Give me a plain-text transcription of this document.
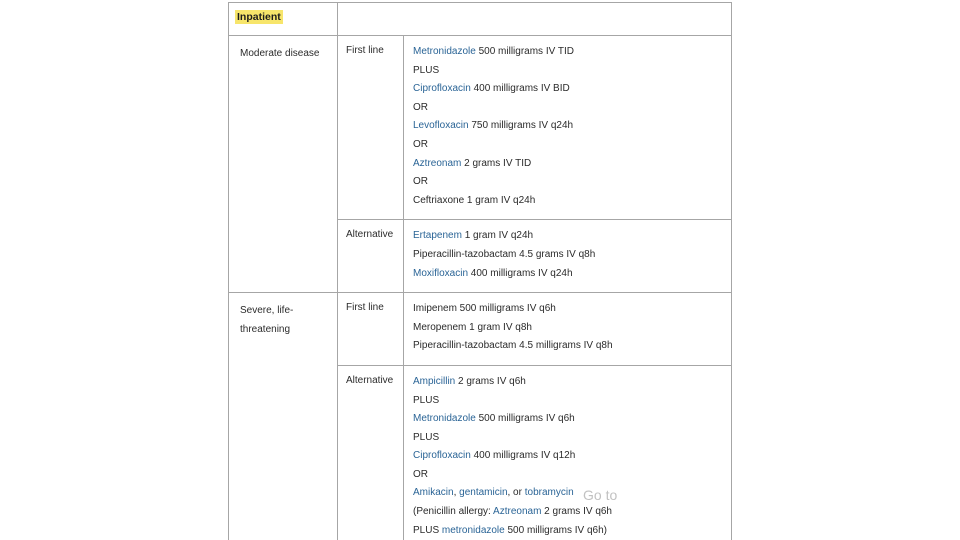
Inpatient
Moderate disease	First line	Metronidazole 500 milligrams IV TID
PLUS
Ciprofloxacin 400 milligrams IV BID
OR
Levofloxacin 750 milligrams IV q24h
OR
Aztreonam 2 grams IV TID
OR
Ceftriaxone 1 gram IV q24h
Alternative	Ertapenem 1 gram IV q24h
Piperacillin-tazobactam 4.5 grams IV q8h
Moxifloxacin 400 milligrams IV q24h
Severe, life-threatening
First line	Imipenem 500 milligrams IV q6h
Meropenem 1 gram IV q8h
Piperacillin-tazobactam 4.5 milligrams IV q8h
Alternative	Ampicillin 2 grams IV q6h
PLUS
Metronidazole 500 milligrams IV q6h
PLUS
Ciprofloxacin 400 milligrams IV q12h
OR
Amikacin, gentamicin, or tobramycin
(Penicillin allergy: Aztreonam 2 grams IV q6h
PLUS metronidazole 500 milligrams IV q6h)
Go to
